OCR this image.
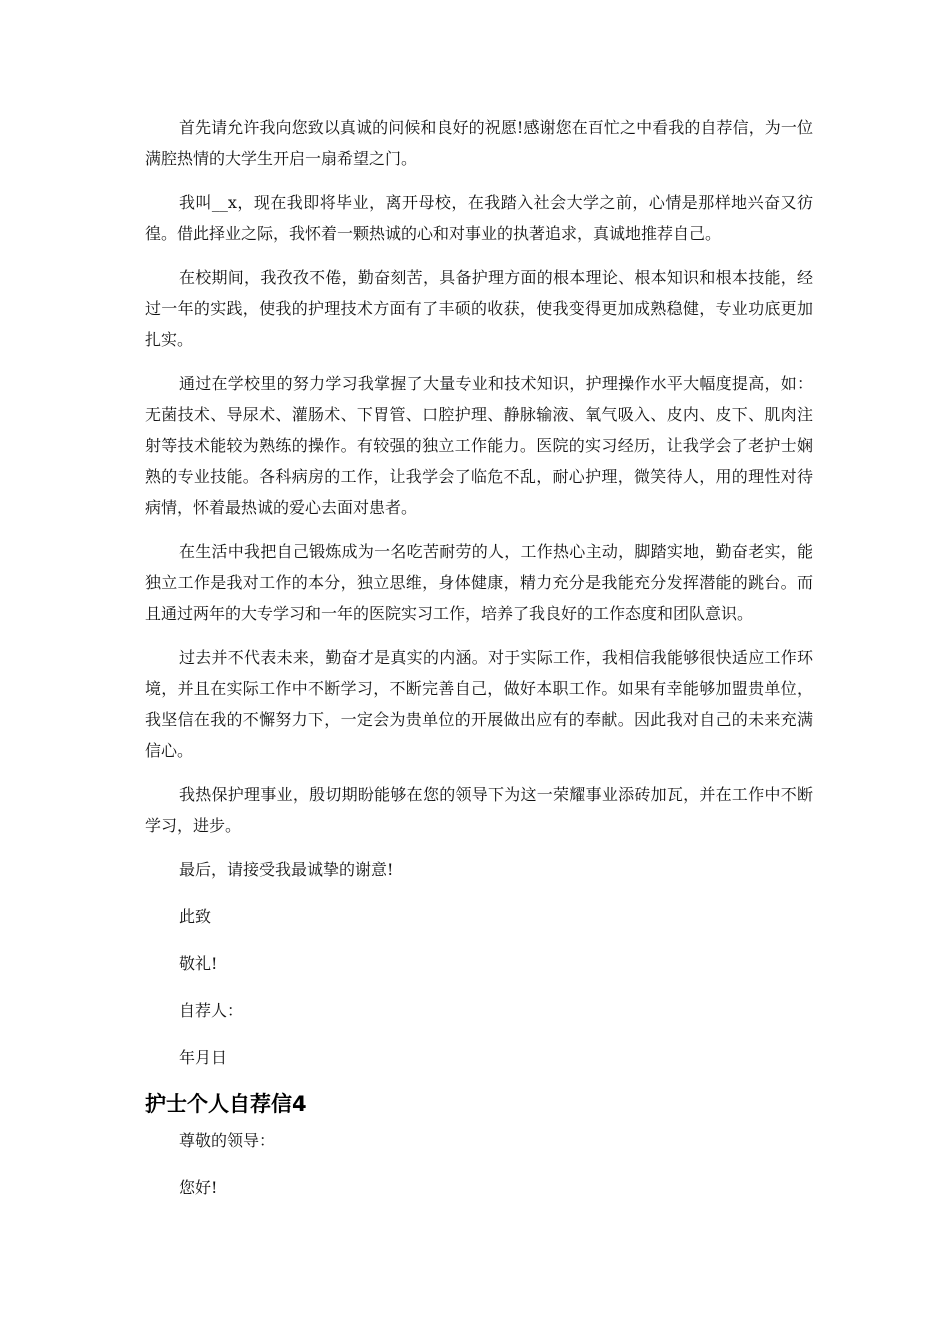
首先请允许我向您致以真诚的问候和良好的祝愿!感谢您在百忙之中看我的自荐信，为一位满腔热情的大学生开启一扇希望之门。

我叫__x，现在我即将毕业，离开母校，在我踏入社会大学之前，心情是那样地兴奋又彷徨。借此择业之际，我怀着一颗热诚的心和对事业的执著追求，真诚地推荐自己。

在校期间，我孜孜不倦，勤奋刻苦，具备护理方面的根本理论、根本知识和根本技能，经过一年的实践，使我的护理技术方面有了丰硕的收获，使我变得更加成熟稳健，专业功底更加扎实。

通过在学校里的努力学习我掌握了大量专业和技术知识，护理操作水平大幅度提高，如：无菌技术、导尿术、灌肠术、下胃管、口腔护理、静脉输液、氧气吸入、皮内、皮下、肌肉注射等技术能较为熟练的操作。有较强的独立工作能力。医院的实习经历，让我学会了老护士娴熟的专业技能。各科病房的工作，让我学会了临危不乱，耐心护理，微笑待人，用的理性对待病情，怀着最热诚的爱心去面对患者。

在生活中我把自己锻炼成为一名吃苦耐劳的人，工作热心主动，脚踏实地，勤奋老实，能独立工作是我对工作的本分，独立思维，身体健康，精力充分是我能充分发挥潜能的跳台。而且通过两年的大专学习和一年的医院实习工作，培养了我良好的工作态度和团队意识。

过去并不代表未来，勤奋才是真实的内涵。对于实际工作，我相信我能够很快适应工作环境，并且在实际工作中不断学习，不断完善自己，做好本职工作。如果有幸能够加盟贵单位，我坚信在我的不懈努力下，一定会为贵单位的开展做出应有的奉献。因此我对自己的未来充满信心。

我热保护理事业，殷切期盼能够在您的领导下为这一荣耀事业添砖加瓦，并在工作中不断学习，进步。

最后，请接受我最诚挚的谢意!

此致

敬礼!

自荐人：

年月日

护士个人自荐信4

尊敬的领导：

您好!
